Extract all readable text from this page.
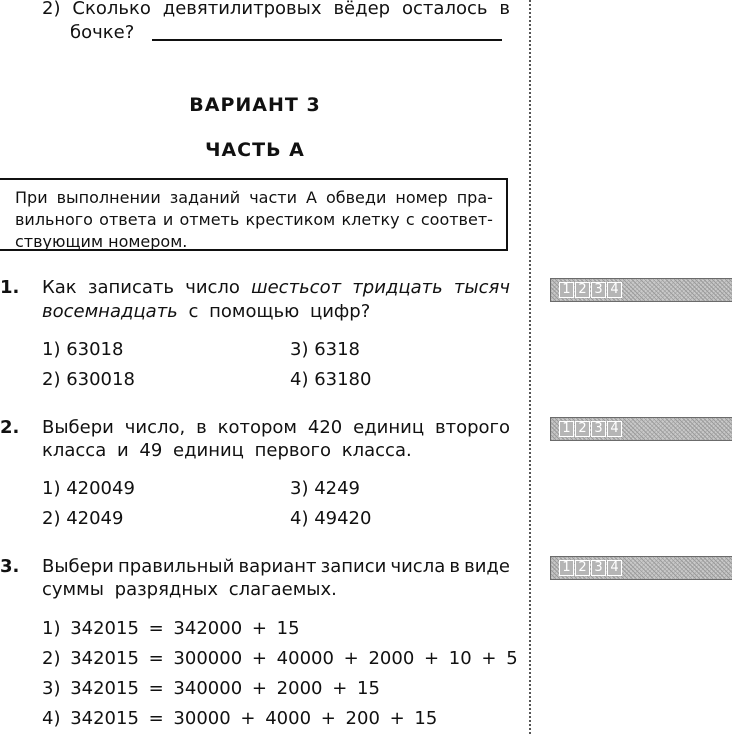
2) Сколько девятилитровых вёдер осталось в
бочке?
ВАРИАНТ 3
ЧАСТЬ А
При выполнении заданий части А обведи номер пра-
вильного ответа и отметь крестиком клетку с соответ-
ствующим номером.
1. Как записать число шестьсот тридцать тысяч
восемнадцать с помощью цифр?
1) 63018	3) 6318
2) 630018	4) 63180
1 2 3 4
2. Выбери число, в котором 420 единиц второго
класса и 49 единиц первого класса.
1) 420049	3) 4249
2) 42049	4) 49420
1 2 3 4
3. Выбери правильный вариант записи числа в виде
суммы разрядных слагаемых.
1) 342015 = 342000 + 15
2) 342015 = 300000 + 40000 + 2000 + 10 + 5
3) 342015 = 340000 + 2000 + 15
4) 342015 = 30000 + 4000 + 200 + 15
1 2 3 4
